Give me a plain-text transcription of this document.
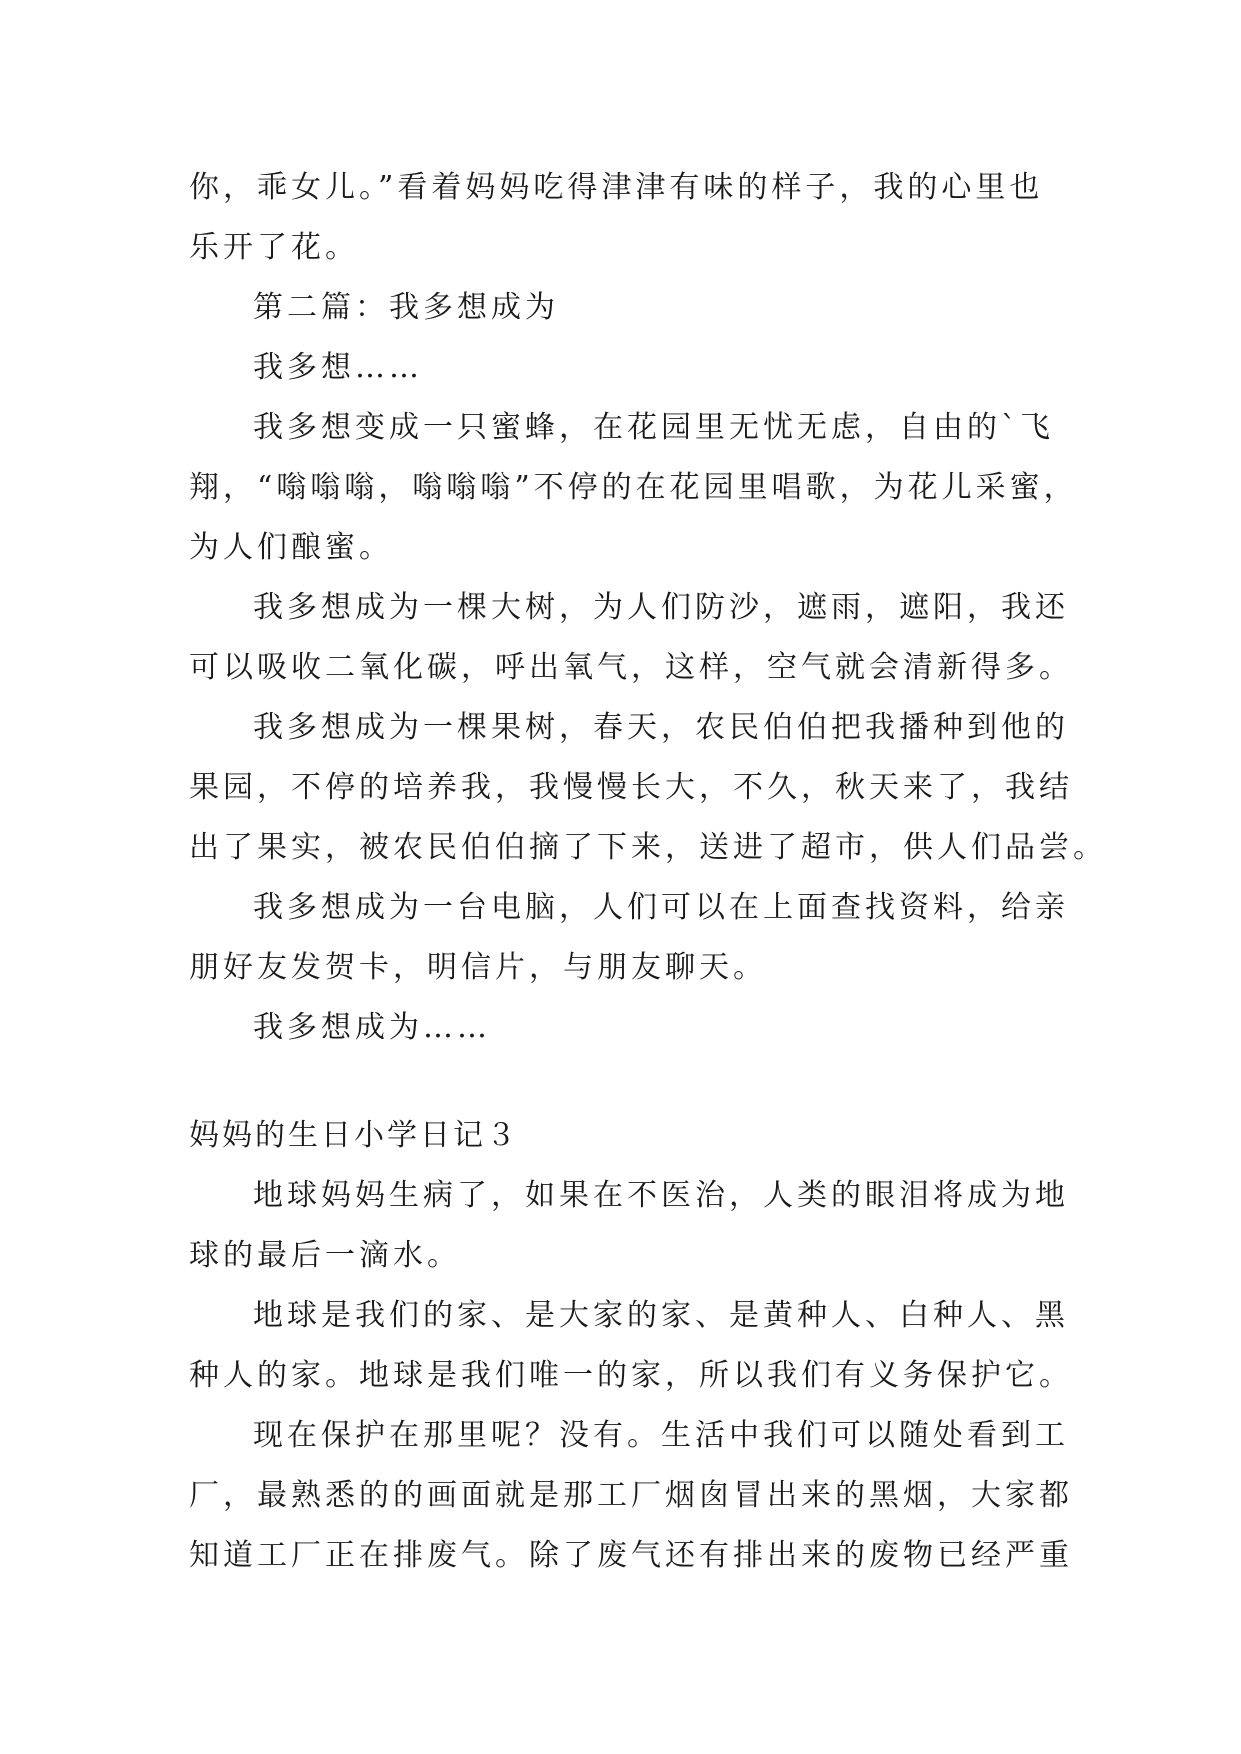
你，乖女儿。”看着妈妈吃得津津有味的样子，我的心里也
乐开了花。
第二篇：我多想成为
我多想……
我多想变成一只蜜蜂，在花园里无忧无虑，自由的`飞
翔，“嗡嗡嗡，嗡嗡嗡”不停的在花园里唱歌，为花儿采蜜，
为人们酿蜜。
我多想成为一棵大树，为人们防沙，遮雨，遮阳，我还
可以吸收二氧化碳，呼出氧气，这样，空气就会清新得多。
我多想成为一棵果树，春天，农民伯伯把我播种到他的
果园，不停的培养我，我慢慢长大，不久，秋天来了，我结
出了果实，被农民伯伯摘了下来，送进了超市，供人们品尝。
我多想成为一台电脑，人们可以在上面查找资料，给亲
朋好友发贺卡，明信片，与朋友聊天。
我多想成为……
妈妈的生日小学日记３
地球妈妈生病了，如果在不医治，人类的眼泪将成为地
球的最后一滴水。
地球是我们的家、是大家的家、是黄种人、白种人、黑
种人的家。地球是我们唯一的家，所以我们有义务保护它。
现在保护在那里呢？没有。生活中我们可以随处看到工
厂，最熟悉的的画面就是那工厂烟囱冒出来的黑烟，大家都
知道工厂正在排废气。除了废气还有排出来的废物已经严重
